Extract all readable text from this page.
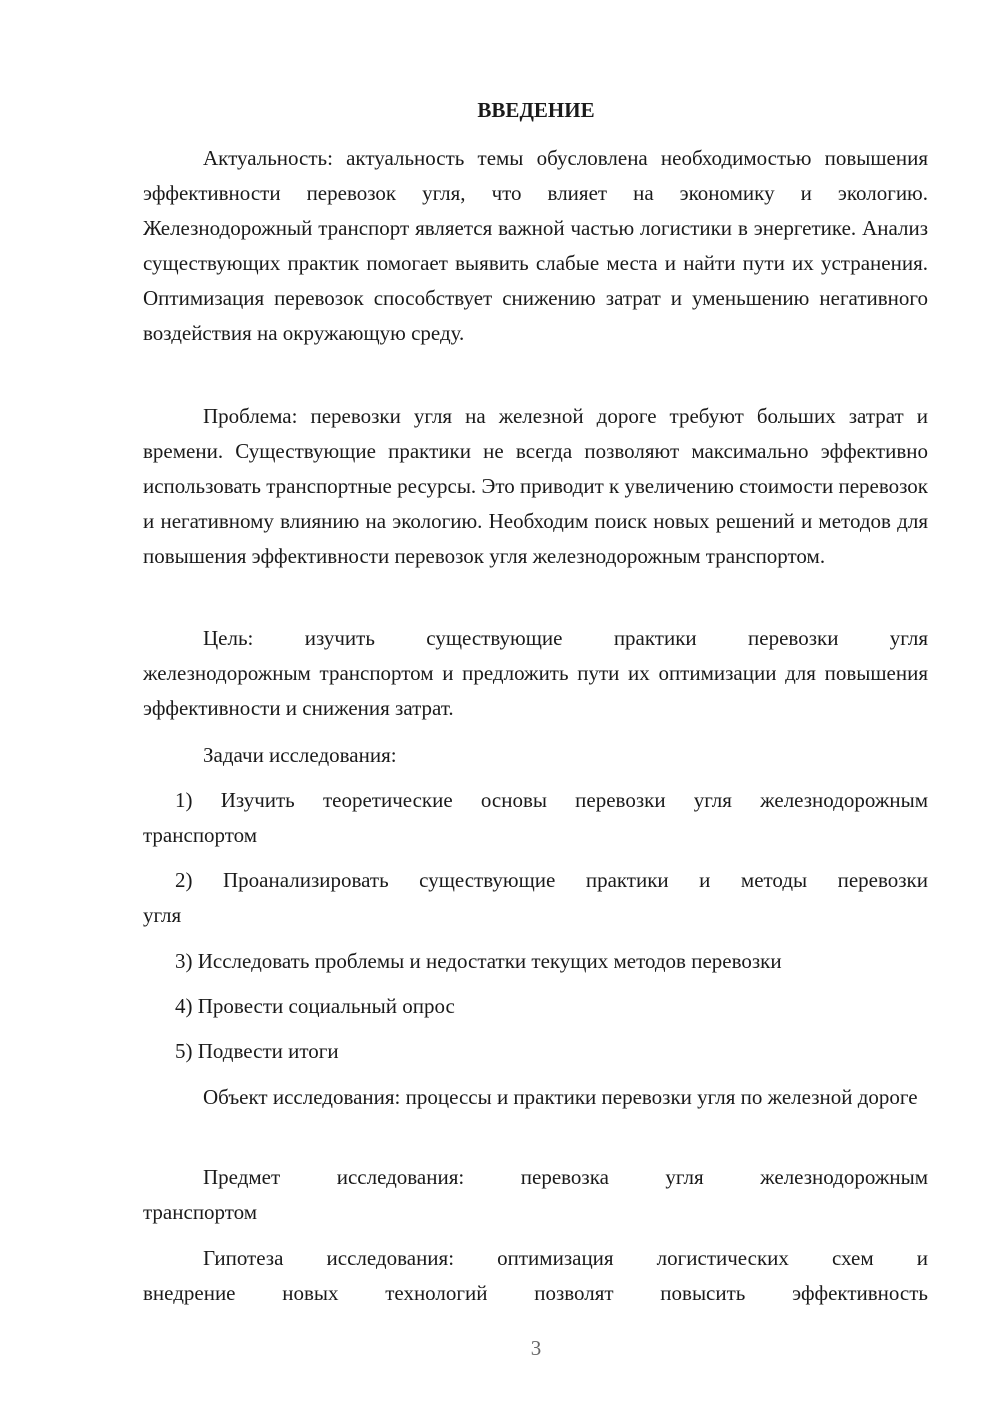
ВВЕДЕНИЕ

Актуальность: актуальность темы обусловлена необходимостью повышения эффективности перевозок угля, что влияет на экономику и экологию. Железнодорожный транспорт является важной частью логистики в энергетике. Анализ существующих практик помогает выявить слабые места и найти пути их устранения. Оптимизация перевозок способствует снижению затрат и уменьшению негативного воздействия на окружающую среду.

Проблема: перевозки угля на железной дороге требуют больших затрат и времени. Существующие практики не всегда позволяют максимально эффективно использовать транспортные ресурсы. Это приводит к увеличению стоимости перевозок и негативному влиянию на экологию. Необходим поиск новых решений и методов для повышения эффективности перевозок угля железнодорожным транспортом.

Цель: изучить существующие практики перевозки угляжелезнодорожным транспортом и предложить пути их оптимизации для повышения эффективности и снижения затрат.

Задачи исследования:

1) Изучить теоретические основы перевозки угля железнодорожнымтранспортом

2) Проанализировать существующие практики и методы перевозкиугля

3) Исследовать проблемы и недостатки текущих методов перевозки

4) Провести социальный опрос

5) Подвести итоги

Объект исследования: процессы и практики перевозки угля по железной дороге

Предмет исследования: перевозка угля железнодорожнымтранспортом

Гипотеза исследования: оптимизация логистических схем ивнедрение новых технологий позволят повысить эффективность

3
